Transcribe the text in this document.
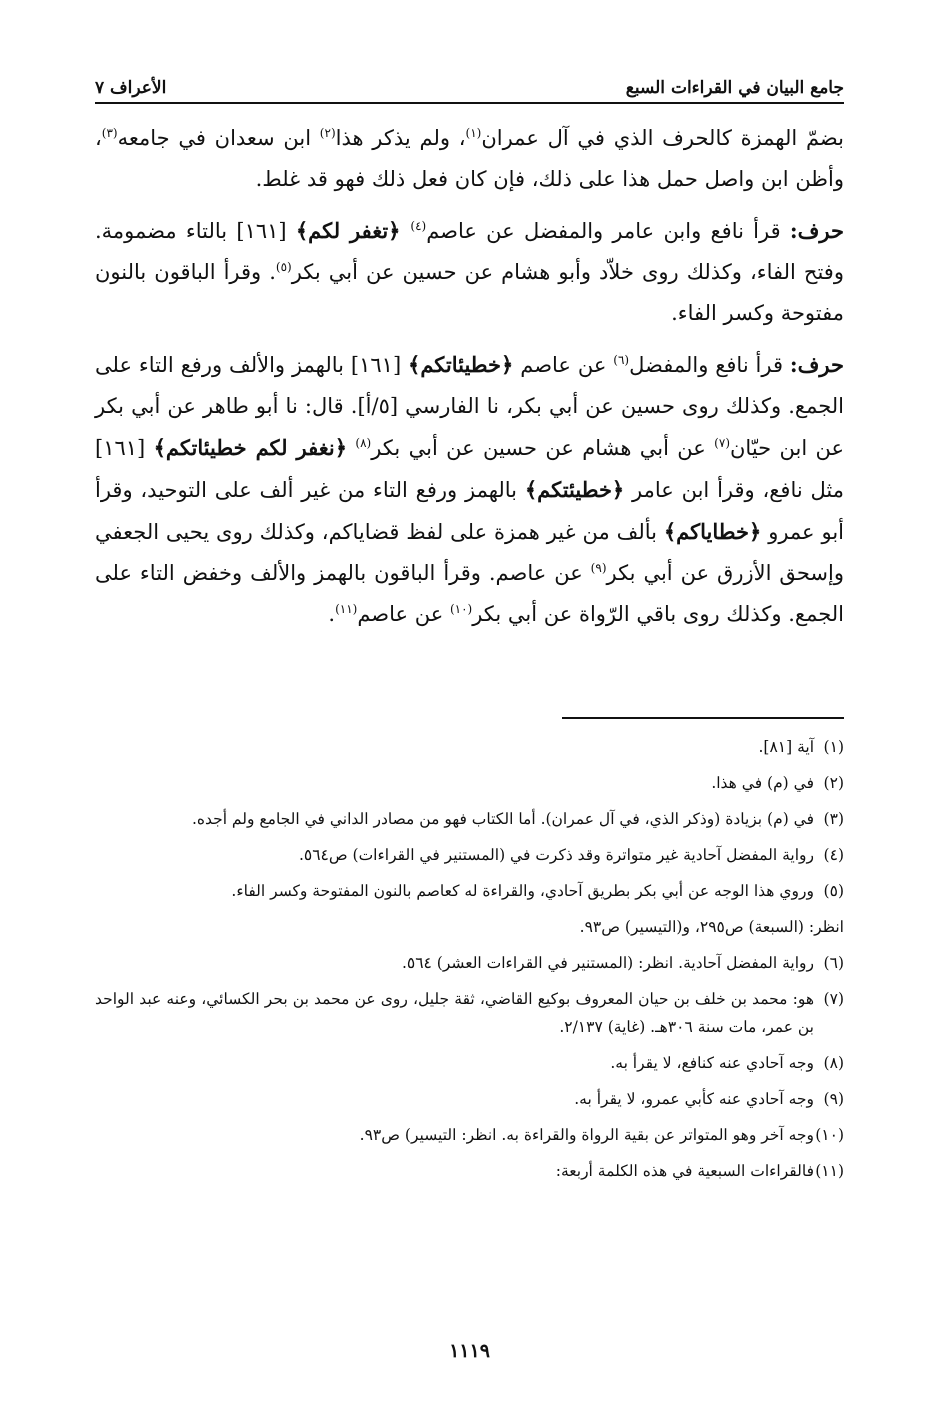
جامع البيان في القراءات السبع
الأعراف ٧

بضمّ الهمزة كالحرف الذي في آل عمران$^{(١)}$، ولم يذكر هذا$^{(٢)}$ ابن سعدان في جامعه$^{(٣)}$، وأظن ابن واصل حمل هذا على ذلك، فإن كان فعل ذلك فهو قد غلط.

حرف: قرأ نافع وابن عامر والمفضل عن عاصم$^{(٤)}$ ﴿تغفر لكم﴾ [١٦١] بالتاء مضمومة. وفتح الفاء، وكذلك روى خلاّد وأبو هشام عن حسين عن أبي بكر$^{(٥)}$. وقرأ الباقون بالنون مفتوحة وكسر الفاء.

حرف: قرأ نافع والمفضل$^{(٦)}$ عن عاصم ﴿خطيئاتكم﴾ [١٦١] بالهمز والألف ورفع التاء على الجمع. وكذلك روى حسين عن أبي بكر، نا الفارسي [٥/أ]. قال: نا أبو طاهر عن أبي بكر عن ابن حيّان$^{(٧)}$ عن أبي هشام عن حسين عن أبي بكر$^{(٨)}$ ﴿نغفر لكم خطيئاتكم﴾ [١٦١] مثل نافع، وقرأ ابن عامر ﴿خطيئتكم﴾ بالهمز ورفع التاء من غير ألف على التوحيد، وقرأ أبو عمرو ﴿خطاياكم﴾ بألف من غير همزة على لفظ قضاياكم، وكذلك روى يحيى الجعفي وإسحق الأزرق عن أبي بكر$^{(٩)}$ عن عاصم. وقرأ الباقون بالهمز والألف وخفض التاء على الجمع. وكذلك روى باقي الرّواة عن أبي بكر$^{(١٠)}$ عن عاصم$^{(١١)}$.

(١)آية [٨١].
(٢)في (م) في هذا.
(٣)في (م) بزيادة (وذكر الذي، في آل عمران). أما الكتاب فهو من مصادر الداني في الجامع ولم أجده.
(٤)رواية المفضل آحادية غير متواترة وقد ذكرت في (المستنير في القراءات) ص٥٦٤.
(٥)وروي هذا الوجه عن أبي بكر بطريق آحادي، والقراءة له كعاصم بالنون المفتوحة وكسر الفاء.
انظر: (السبعة) ص٢٩٥، و(التيسير) ص٩٣.
(٦)رواية المفضل آحادية. انظر: (المستنير في القراءات العشر) ٥٦٤.
(٧)هو: محمد بن خلف بن حيان المعروف بوكيع القاضي، ثقة جليل، روى عن محمد بن بحر الكسائي، وعنه عبد الواحد بن عمر، مات سنة ٣٠٦هـ. (غاية) ٢/١٣٧.
(٨)وجه آحادي عنه كنافع، لا يقرأ به.
(٩)وجه آحادي عنه كأبي عمرو، لا يقرأ به.
(١٠)وجه آخر وهو المتواتر عن بقية الرواة والقراءة به. انظر: التيسير) ص٩٣.
(١١)فالقراءات السبعية في هذه الكلمة أربعة:
١١١٩
